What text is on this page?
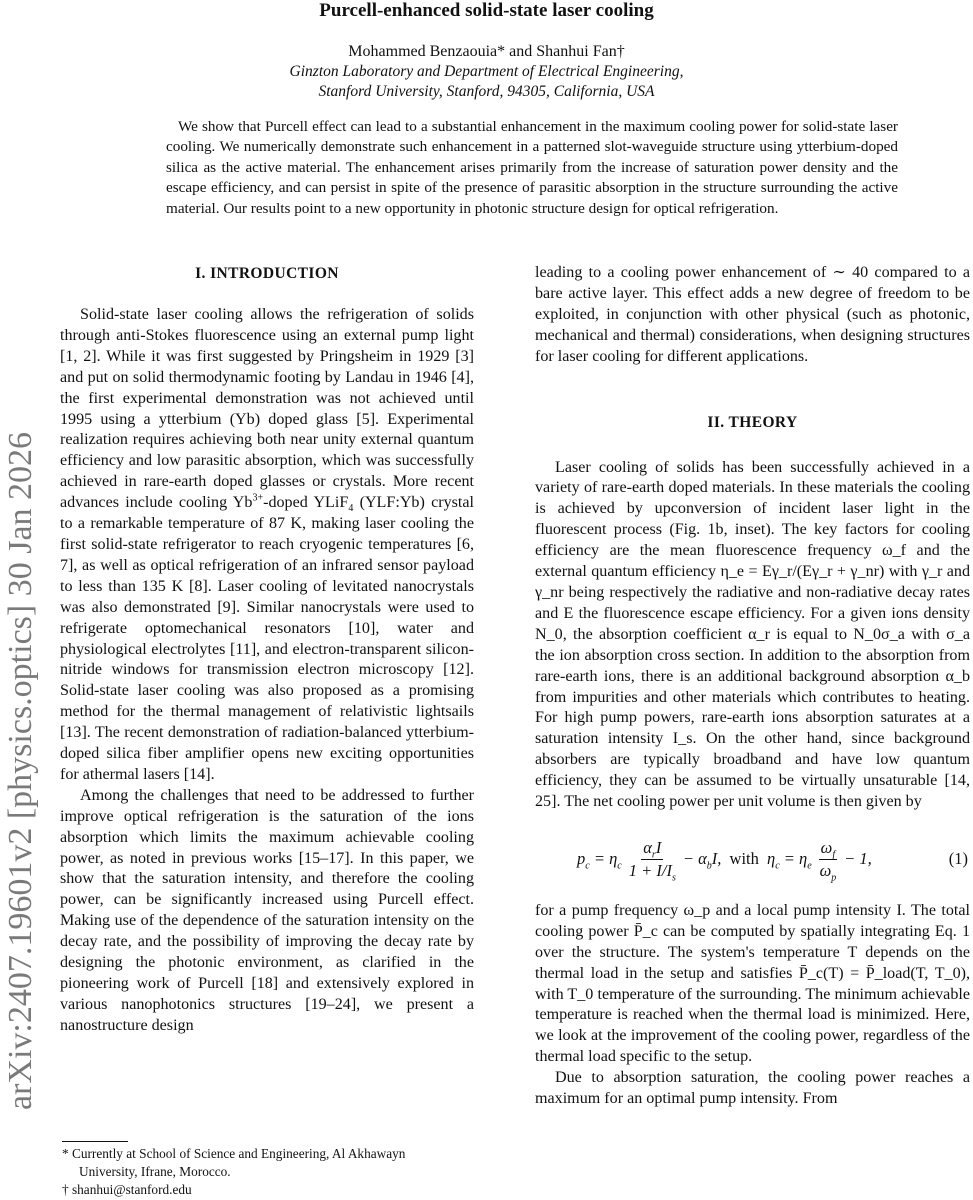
Purcell-enhanced solid-state laser cooling
Mohammed Benzaouia* and Shanhui Fan†
Ginzton Laboratory and Department of Electrical Engineering,
Stanford University, Stanford, 94305, California, USA
We show that Purcell effect can lead to a substantial enhancement in the maximum cooling power for solid-state laser cooling. We numerically demonstrate such enhancement in a patterned slot-waveguide structure using ytterbium-doped silica as the active material. The enhancement arises primarily from the increase of saturation power density and the escape efficiency, and can persist in spite of the presence of parasitic absorption in the structure surrounding the active material. Our results point to a new opportunity in photonic structure design for optical refrigeration.
arXiv:2407.19601v2 [physics.optics] 30 Jan 2026
I. INTRODUCTION

Solid-state laser cooling allows the refrigeration of solids through anti-Stokes fluorescence using an external pump light [1, 2]. While it was first suggested by Pringsheim in 1929 [3] and put on solid thermodynamic footing by Landau in 1946 [4], the first experimental demonstration was not achieved until 1995 using a ytterbium (Yb) doped glass [5]. Experimental realization requires achieving both near unity external quantum efficiency and low parasitic absorption, which was successfully achieved in rare-earth doped glasses or crystals. More recent advances include cooling $Yb^{3+}$-doped YLiF$_4$ (YLF:Yb) crystal to a remarkable temperature of 87 K, making laser cooling the first solid-state refrigerator to reach cryogenic temperatures [6, 7], as well as optical refrigeration of an infrared sensor payload to less than 135 K [8]. Laser cooling of levitated nanocrystals was also demonstrated [9]. Similar nanocrystals were used to refrigerate optomechanical resonators [10], water and physiological electrolytes [11], and electron-transparent silicon-nitride windows for transmission electron microscopy [12]. Solid-state laser cooling was also proposed as a promising method for the thermal management of relativistic lightsails [13]. The recent demonstration of radiation-balanced ytterbium-doped silica fiber amplifier opens new exciting opportunities for athermal lasers [14].

Among the challenges that need to be addressed to further improve optical refrigeration is the saturation of the ions absorption which limits the maximum achievable cooling power, as noted in previous works [15–17]. In this paper, we show that the saturation intensity, and therefore the cooling power, can be significantly increased using Purcell effect. Making use of the dependence of the saturation intensity on the decay rate, and the possibility of improving the decay rate by designing the photonic environment, as clarified in the pioneering work of Purcell [18] and extensively explored in various nanophotonics structures [19–24], we present a nanostructure design

* Currently at School of Science and Engineering, Al Akhawayn
University, Ifrane, Morocco.
† shanhui@stanford.edu

leading to a cooling power enhancement of ∼ 40 compared to a bare active layer. This effect adds a new degree of freedom to be exploited, in conjunction with other physical (such as photonic, mechanical and thermal) considerations, when designing structures for laser cooling for different applications.

II. THEORY

Laser cooling of solids has been successfully achieved in a variety of rare-earth doped materials. In these materials the cooling is achieved by upconversion of incident laser light in the fluorescent process (Fig. 1b, inset). The key factors for cooling efficiency are the mean fluorescence frequency ω_f and the external quantum efficiency η_e = Eγ_r/(Eγ_r + γ_nr) with γ_r and γ_nr being respectively the radiative and non-radiative decay rates and E the fluorescence escape efficiency. For a given ions density N_0, the absorption coefficient α_r is equal to N_0σ_a with σ_a the ion absorption cross section. In addition to the absorption from rare-earth ions, there is an additional background absorption α_b from impurities and other materials which contributes to heating. For high pump powers, rare-earth ions absorption saturates at a saturation intensity I_s. On the other hand, since background absorbers are typically broadband and have low quantum efficiency, they can be assumed to be virtually unsaturable [14, 25]. The net cooling power per unit volume is then given by

$p_c = \eta_c \frac{\alpha_rI}{1 + I/I_s} - \alpha_bI$, with $\eta_c = \eta_e \frac{\omega_f}{\omega_p} - 1$,	(1)

for a pump frequency ω_p and a local pump intensity I. The total cooling power P̄_c can be computed by spatially integrating Eq. 1 over the structure. The system's temperature T depends on the thermal load in the setup and satisfies P̄_c(T) = P̄_load(T, T_0), with T_0 temperature of the surrounding. The minimum achievable temperature is reached when the thermal load is minimized. Here, we look at the improvement of the cooling power, regardless of the thermal load specific to the setup.

Due to absorption saturation, the cooling power reaches a maximum for an optimal pump intensity. From
